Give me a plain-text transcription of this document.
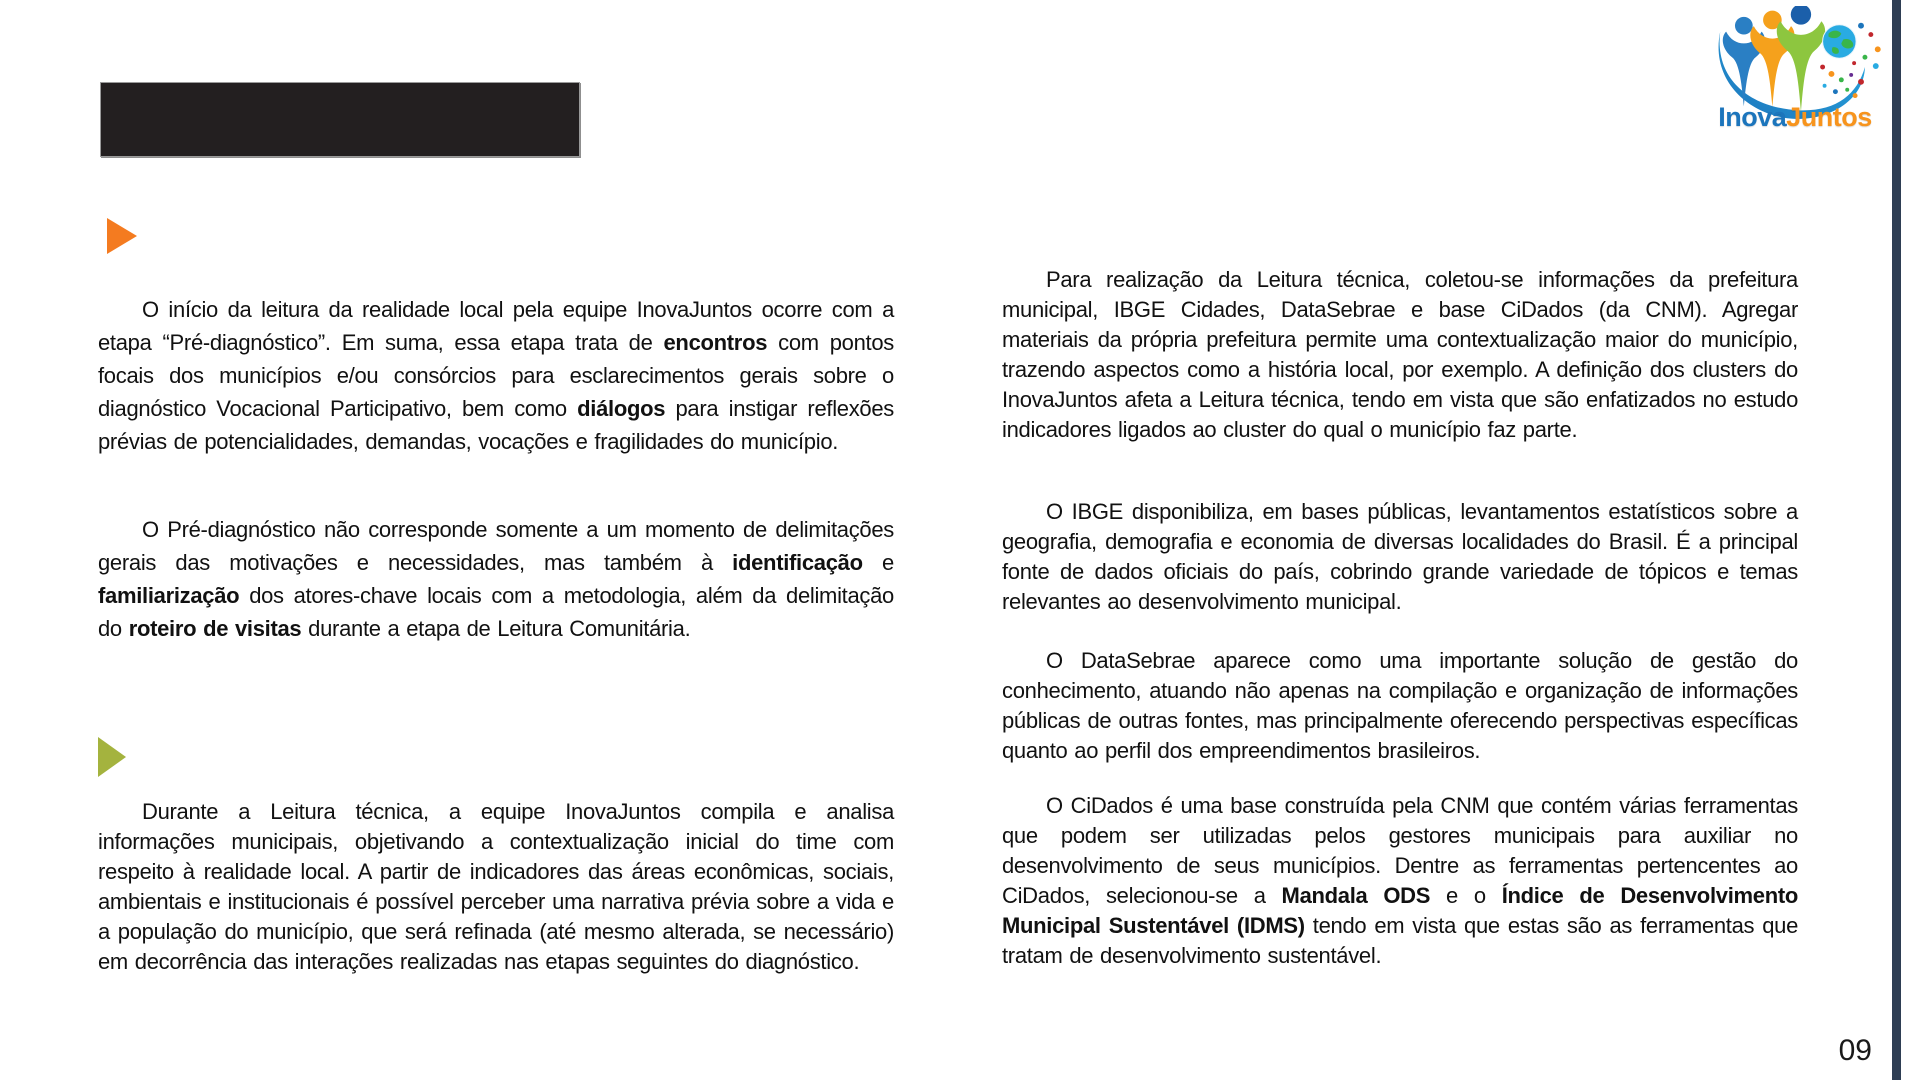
InovaJuntos
O início da leitura da realidade local pela equipe InovaJuntos ocorre com a etapa “Pré-diagnóstico”. Em suma, essa etapa trata de encontros com pontos focais dos municípios e/ou consórcios para esclarecimentos gerais sobre o diagnóstico Vocacional Participativo, bem como diálogos para instigar reflexões prévias de potencialidades, demandas, vocações e fragilidades do município.
O Pré-diagnóstico não corresponde somente a um momento de delimitações gerais das motivações e necessidades, mas também à identificação e familiarização dos atores-chave locais com a metodologia, além da delimitação do roteiro de visitas durante a etapa de Leitura Comunitária.
Durante a Leitura técnica, a equipe InovaJuntos compila e analisa informações municipais, objetivando a contextualização inicial do time com respeito à realidade local. A partir de indicadores das áreas econômicas, sociais, ambientais e institucionais é possível perceber uma narrativa prévia sobre a vida e a população do município, que será refinada (até mesmo alterada, se necessário) em decorrência das interações realizadas nas etapas seguintes do diagnóstico.
Para realização da Leitura técnica, coletou-se informações da prefeitura municipal, IBGE Cidades, DataSebrae e base CiDados (da CNM). Agregar materiais da própria prefeitura permite uma contextualização maior do município, trazendo aspectos como a história local, por exemplo. A definição dos clusters do InovaJuntos afeta a Leitura técnica, tendo em vista que são enfatizados no estudo indicadores ligados ao cluster do qual o município faz parte.
O IBGE disponibiliza, em bases públicas, levantamentos estatísticos sobre a geografia, demografia e economia de diversas localidades do Brasil. É a principal fonte de dados oficiais do país, cobrindo grande variedade de tópicos e temas relevantes ao desenvolvimento municipal.
O DataSebrae aparece como uma importante solução de gestão do conhecimento, atuando não apenas na compilação e organização de informações públicas de outras fontes, mas principalmente oferecendo perspectivas específicas quanto ao perfil dos empreendimentos brasileiros.
O CiDados é uma base construída pela CNM que contém várias ferramentas que podem ser utilizadas pelos gestores municipais para auxiliar no desenvolvimento de seus municípios. Dentre as ferramentas pertencentes ao CiDados, selecionou-se a Mandala ODS e o Índice de Desenvolvimento Municipal Sustentável (IDMS) tendo em vista que estas são as ferramentas que tratam de desenvolvimento sustentável.
09
